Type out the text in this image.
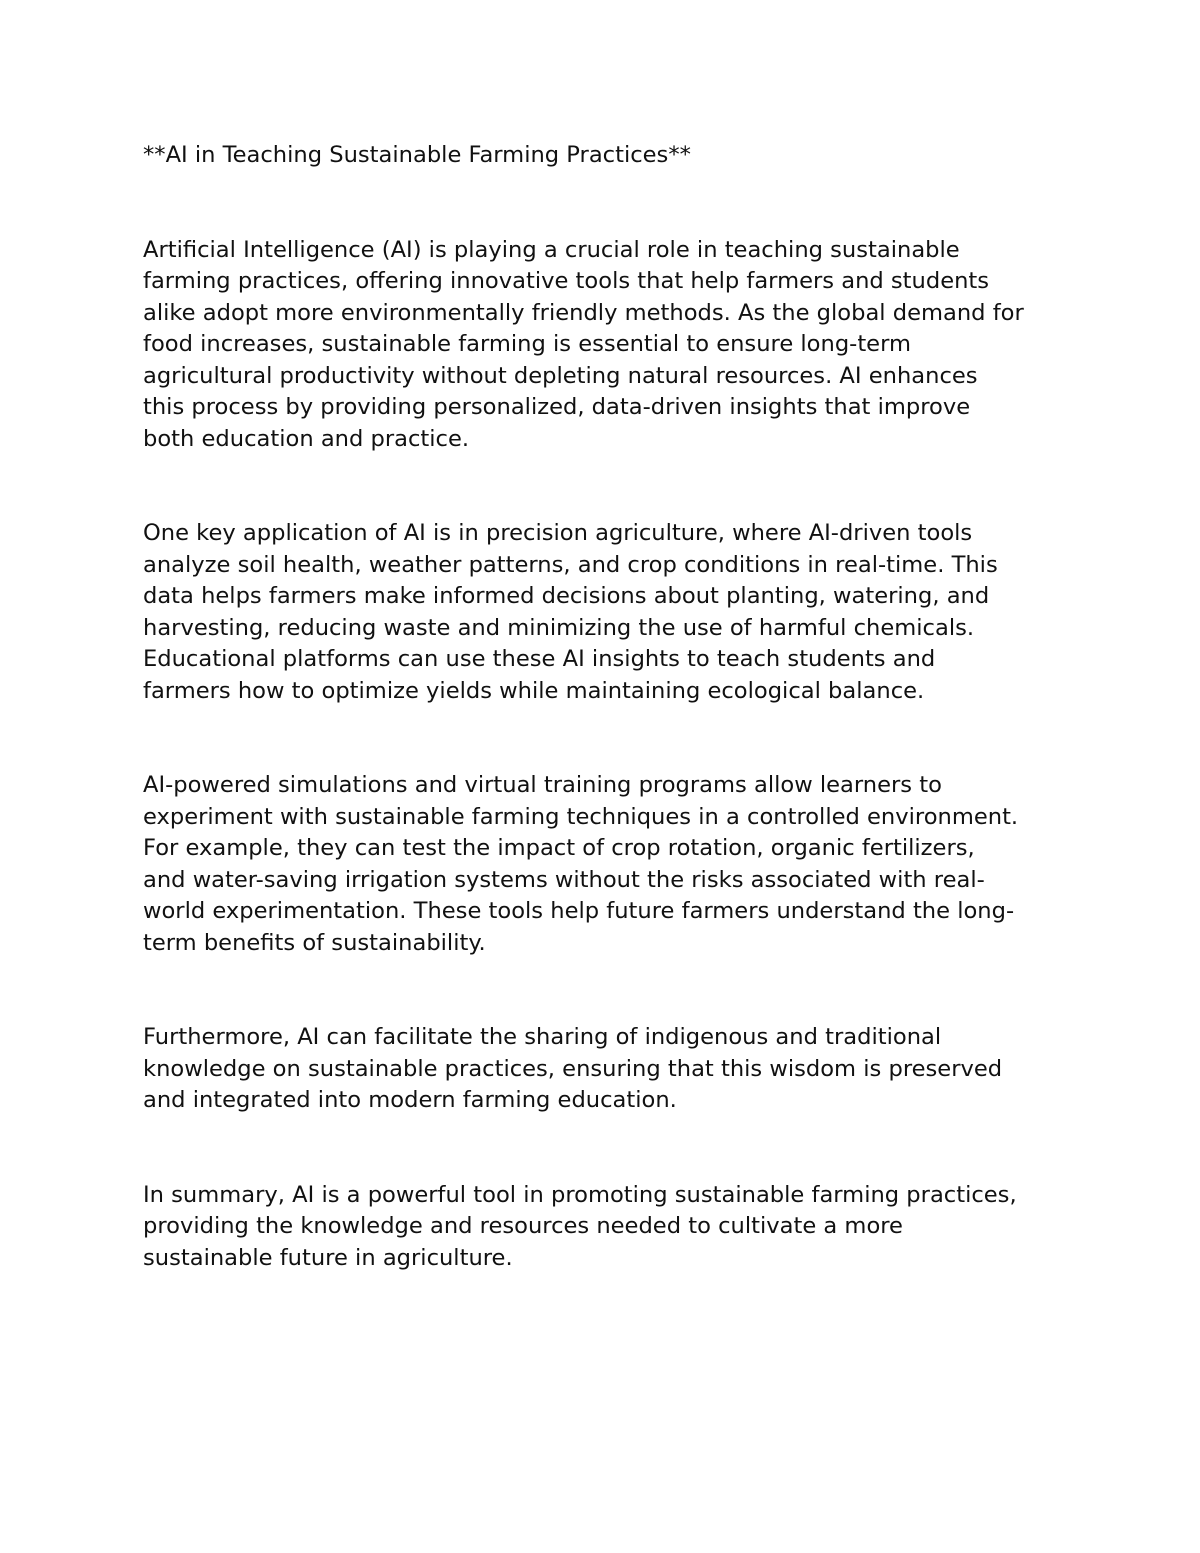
**AI in Teaching Sustainable Farming Practices**
Artificial Intelligence (AI) is playing a crucial role in teaching sustainable
farming practices, offering innovative tools that help farmers and students
alike adopt more environmentally friendly methods. As the global demand for
food increases, sustainable farming is essential to ensure long-term
agricultural productivity without depleting natural resources. AI enhances
this process by providing personalized, data-driven insights that improve
both education and practice.
One key application of AI is in precision agriculture, where AI-driven tools
analyze soil health, weather patterns, and crop conditions in real-time. This
data helps farmers make informed decisions about planting, watering, and
harvesting, reducing waste and minimizing the use of harmful chemicals.
Educational platforms can use these AI insights to teach students and
farmers how to optimize yields while maintaining ecological balance.
AI-powered simulations and virtual training programs allow learners to
experiment with sustainable farming techniques in a controlled environment.
For example, they can test the impact of crop rotation, organic fertilizers,
and water-saving irrigation systems without the risks associated with real-
world experimentation. These tools help future farmers understand the long-
term benefits of sustainability.
Furthermore, AI can facilitate the sharing of indigenous and traditional
knowledge on sustainable practices, ensuring that this wisdom is preserved
and integrated into modern farming education.
In summary, AI is a powerful tool in promoting sustainable farming practices,
providing the knowledge and resources needed to cultivate a more
sustainable future in agriculture.
